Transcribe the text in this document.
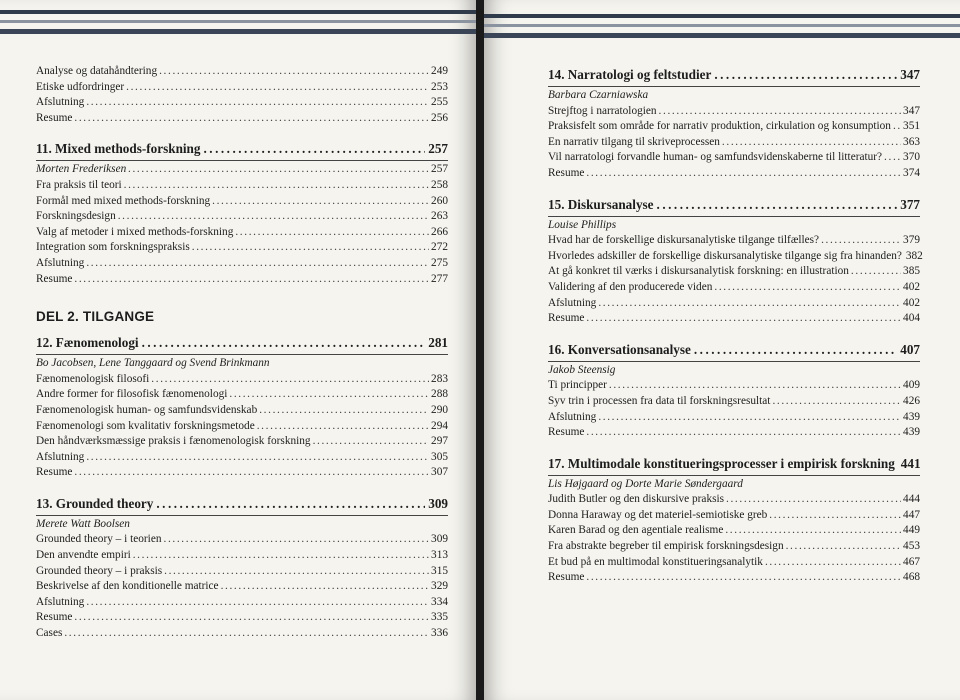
Analyse og datahåndtering . . .	249
Etiske udfordringer . . .	253
Afslutning . . .	255
Resume . . .	256
11. Mixed methods-forskning . . .	257
Morten Frederiksen . . .	257
Fra praksis til teori . . .	258
Formål med mixed methods-forskning . . .	260
Forskningsdesign . . .	263
Valg af metoder i mixed methods-forskning . . .	266
Integration som forskningspraksis . . .	272
Afslutning . . .	275
Resume . . .	277
DEL 2. TILGANGE
12. Fænomenologi . . .	281
Bo Jacobsen, Lene Tanggaard og Svend Brinkmann
Fænomenologisk filosofi . . .	283
Andre former for filosofisk fænomenologi . . .	288
Fænomenologisk human- og samfundsvidenskab . . .	290
Fænomenologi som kvalitativ forskningsmetode . . .	294
Den håndværksmæssige praksis i fænomenologisk forskning . . .	297
Afslutning . . .	305
Resume . . .	307
13. Grounded theory . . .	309
Merete Watt Boolsen
Grounded theory – i teorien . . .	309
Den anvendte empiri . . .	313
Grounded theory – i praksis . . .	315
Beskrivelse af den konditionelle matrice . . .	329
Afslutning . . .	334
Resume . . .	335
Cases . . .	336
14. Narratologi og feltstudier . . .	347
Barbara Czarniawska
Strejftog i narratologien . . .	347
Praksisfelt som område for narrativ produktion, cirkulation og konsumption . . . 351
En narrativ tilgang til skriveprocessen . . .	363
Vil narratologi forvandle human- og samfundsvidenskaberne til litteratur? . . . 370
Resume . . .	374
15. Diskursanalyse . . .	377
Louise Phillips
Hvad har de forskellige diskursanalytiske tilgange tilfælles? . . .	379
Hvorledes adskiller de forskellige diskursanalytiske tilgange sig fra hinanden? 382
At gå konkret til værks i diskursanalytisk forskning: en illustration . . .	385
Validering af den producerede viden . . .	402
Afslutning . . .	402
Resume . . .	404
16. Konversationsanalyse . . .	407
Jakob Steensig
Ti principper . . .	409
Syv trin i processen fra data til forskningsresultat . . .	426
Afslutning . . .	439
Resume . . .	439
17. Multimodale konstitueringsprocesser i empirisk forskning 441
Lis Højgaard og Dorte Marie Søndergaard
Judith Butler og den diskursive praksis . . .	444
Donna Haraway og det materiel-semiotiske greb . . .	447
Karen Barad og den agentiale realisme . . .	449
Fra abstrakte begreber til empirisk forskningsdesign . . .	453
Et bud på en multimodal konstitueringsanalytik . . .	467
Resume . . .	468
